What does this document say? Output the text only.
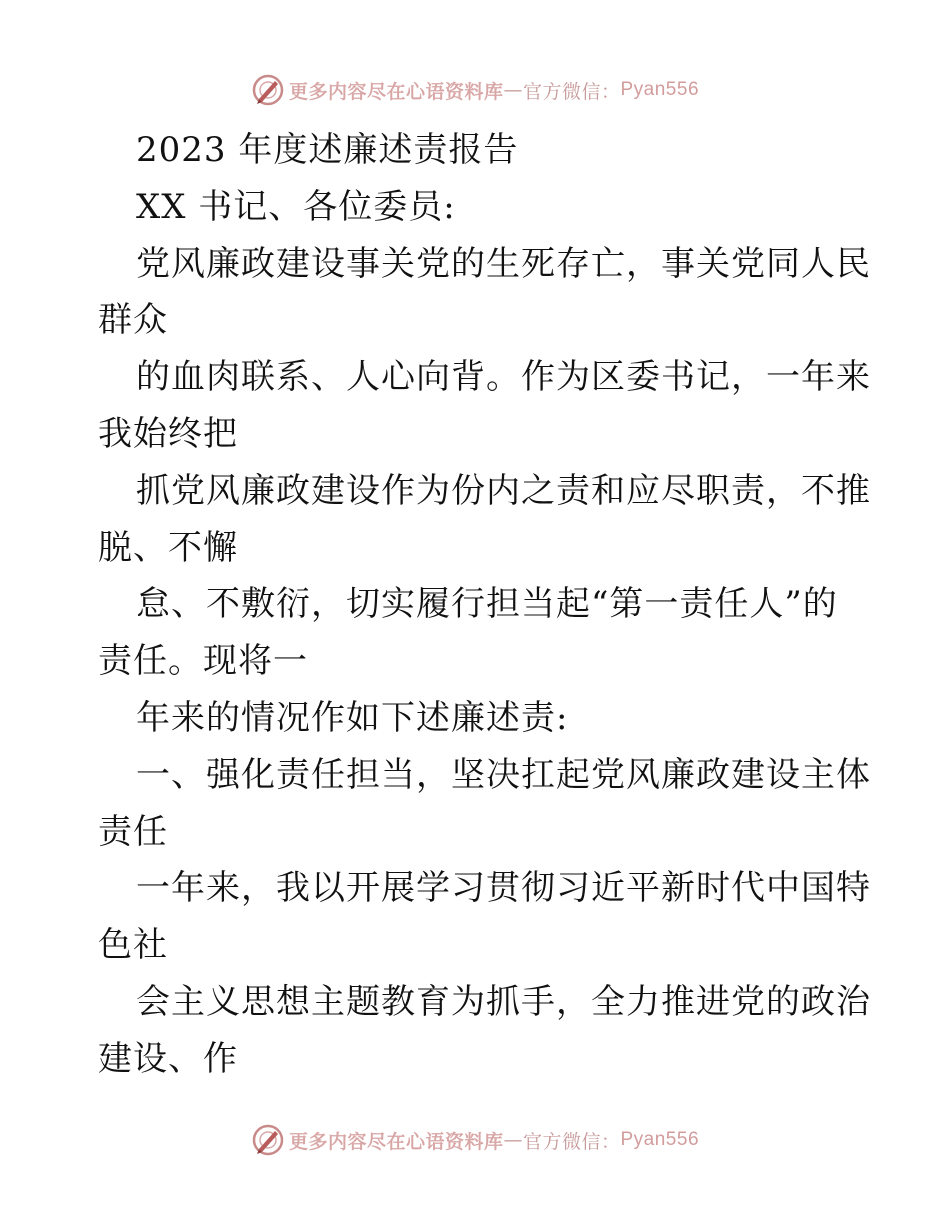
更多内容尽在心语资料库 — 官方微信： Pyan556
2023 年度述廉述责报告
XX 书记、各位委员:
党风廉政建设事关党的生死存亡，事关党同人民
群众
的血肉联系、人心向背。作为区委书记，一年来
我始终把
抓党风廉政建设作为份内之责和应尽职责，不推
脱、不懈
怠、不敷衍，切实履行担当起“第一责任人”的
责任。现将一
年来的情况作如下述廉述责:
一、强化责任担当，坚决扛起党风廉政建设主体
责任
一年来，我以开展学习贯彻习近平新时代中国特
色社
会主义思想主题教育为抓手，全力推进党的政治
建设、作
更多内容尽在心语资料库 — 官方微信： Pyan556
